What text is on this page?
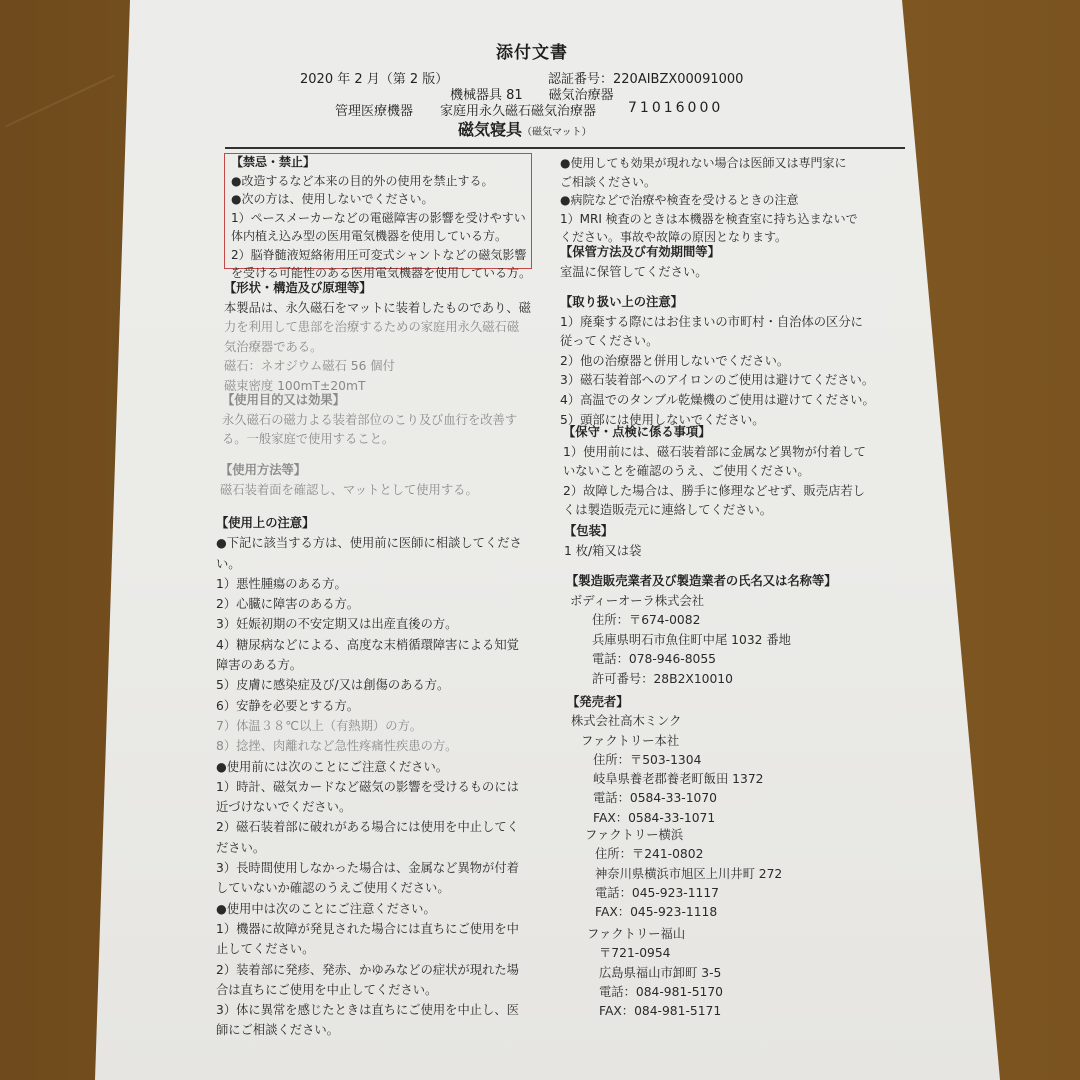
添付文書
2020 年 2 月（第 2 版）	認証番号：220AIBZX00091000
機械器具 81　　磁気治療器
管理医療機器 家庭用永久磁石磁気治療器 71016000
磁気寝具（磁気マット）
【禁忌・禁止】
●改造するなど本来の目的外の使用を禁止する。
●次の方は、使用しないでください。
1）ペースメーカーなどの電磁障害の影響を受けやすい
体内植え込み型の医用電気機器を使用している方。
2）脳脊髄液短絡術用圧可変式シャントなどの磁気影響
を受ける可能性のある医用電気機器を使用している方。
【形状・構造及び原理等】
本製品は、永久磁石をマットに装着したものであり、磁
力を利用して患部を治療するための家庭用永久磁石磁
気治療器である。
磁石：ネオジウム磁石 56 個付
磁束密度 100mT±20mT
【使用目的又は効果】
永久磁石の磁力よる装着部位のこり及び血行を改善す
る。一般家庭で使用すること。
【使用方法等】
磁石装着面を確認し、マットとして使用する。
【使用上の注意】
●下記に該当する方は、使用前に医師に相談してくださ
い。
1）悪性腫瘍のある方。
2）心臓に障害のある方。
3）妊娠初期の不安定期又は出産直後の方。
4）糖尿病などによる、高度な末梢循環障害による知覚
障害のある方。
5）皮膚に感染症及び/又は創傷のある方。
6）安静を必要とする方。
7）体温３８℃以上（有熱期）の方。
8）捻挫、肉離れなど急性疼痛性疾患の方。
●使用前には次のことにご注意ください。
1）時計、磁気カードなど磁気の影響を受けるものには
近づけないでください。
2）磁石装着部に破れがある場合には使用を中止してく
ださい。
3）長時間使用しなかった場合は、金属など異物が付着
していないか確認のうえご使用ください。
●使用中は次のことにご注意ください。
1）機器に故障が発見された場合には直ちにご使用を中
止してください。
2）装着部に発疹、発赤、かゆみなどの症状が現れた場
合は直ちにご使用を中止してください。
3）体に異常を感じたときは直ちにご使用を中止し、医
師にご相談ください。
●使用しても効果が現れない場合は医師又は専門家に
ご相談ください。
●病院などで治療や検査を受けるときの注意
1）MRI 検査のときは本機器を検査室に持ち込まないで
ください。事故や故障の原因となります。
【保管方法及び有効期間等】
室温に保管してください。
【取り扱い上の注意】
1）廃棄する際にはお住まいの市町村・自治体の区分に
従ってください。
2）他の治療器と併用しないでください。
3）磁石装着部へのアイロンのご使用は避けてください。
4）高温でのタンブル乾燥機のご使用は避けてください。
5）頭部には使用しないでください。
【保守・点検に係る事項】
1）使用前には、磁石装着部に金属など異物が付着して
いないことを確認のうえ、ご使用ください。
2）故障した場合は、勝手に修理などせず、販売店若し
くは製造販売元に連絡してください。
【包装】
1 枚/箱又は袋
【製造販売業者及び製造業者の氏名又は名称等】
ボディーオーラ株式会社
住所：〒674-0082
兵庫県明石市魚住町中尾 1032 番地
電話：078-946-8055
許可番号：28B2X10010
【発売者】
株式会社高木ミンク
ファクトリー本社
住所：〒503-1304
岐阜県養老郡養老町飯田 1372
電話：0584-33-1070
FAX：0584-33-1071
ファクトリー横浜
住所：〒241-0802
神奈川県横浜市旭区上川井町 272
電話：045-923-1117
FAX：045-923-1118
ファクトリー福山
〒721-0954
広島県福山市卸町 3-5
電話：084-981-5170
FAX：084-981-5171
